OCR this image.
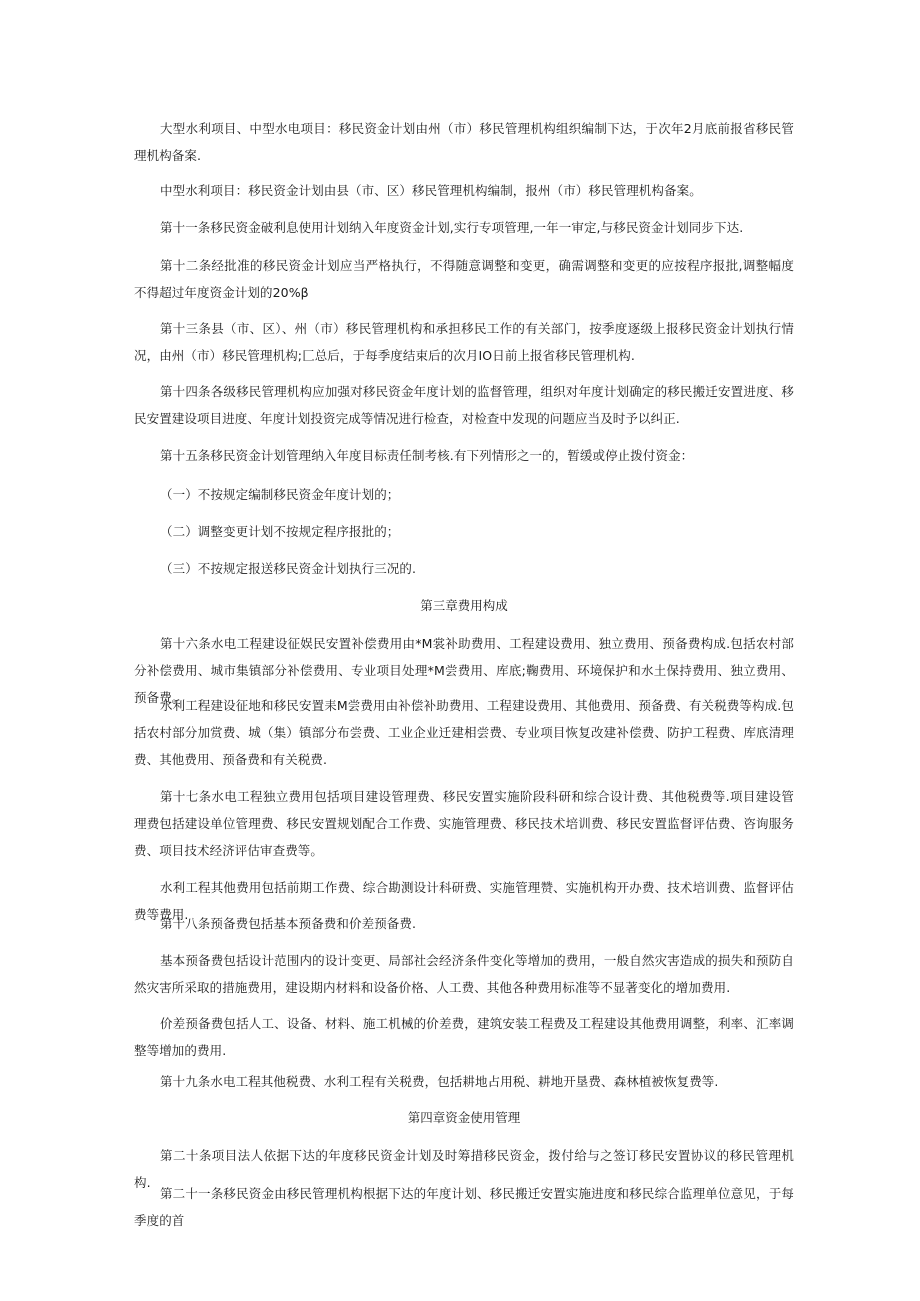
大型水利项目、中型水电项目：移民资金计划由州（市）移民管理机构组织编制下达，于次年2月底前报省移民管理机构备案.

中型水利项目：移民资金计划由县（市、区）移民管理机构编制，报州（市）移民管理机构备案。

第十一条移民资金破利息使用计划纳入年度资金计划,实行专项管理,一年一审定,与移民资金计划同步下达.

第十二条经批准的移民资金计划应当严格执行，不得随意调整和变更，确需调整和变更的应按程序报批,调整幅度不得超过年度资金计划的20%β

第十三条县（市、区）、州（市）移民管理机构和承担移民工作的有关部门，按季度逐级上报移民资金计划执行情况，由州（市）移民管理机构;匚总后，于每季度结束后的次月IO日前上报省移民管理机构.

第十四条各级移民管理机构应加强对移民资金年度计划的监督管理，组织对年度计划确定的移民搬迁安置进度、移民安置建设项目进度、年度计划投资完成等情况进行检查，对检查中发现的问题应当及时予以纠正.

第十五条移民资金计划管理纳入年度目标责任制考核.有下列情形之一的，暂缓或停止拨付资金：

（一）不按规定编制移民资金年度计划的；

（二）调整变更计划不按规定程序报批的；

（三）不按规定报送移民资金计划执行三况的.

第三章费用构成

第十六条水电工程建设征娱民安置补偿费用由*M裳补助费用、工程建设费用、独立费用、预备费构成.包括农村部分补偿费用、城市集镇部分补偿费用、专业项目处理*M尝费用、库底;鞠费用、环境保护和水土保持费用、独立费用、预备费。

水利工程建设征地和移民安置耒M尝费用由补偿补助费用、工程建设费用、其他费用、预备费、有关税费等构成.包括农村部分加赏费、城（集）镇部分布尝费、工业企业迁建相尝费、专业项目恢复改建补偿费、防护工程费、库底清理费、其他费用、预备费和有关税费.

第十七条水电工程独立费用包括项目建设管理费、移民安置实施阶段科研和综合设计费、其他税费等.项目建设管理费包括建设单位管理费、移民安置规划配合工作费、实施管理费、移民技术培训费、移民安置监督评估费、咨询服务费、项目技术经济评估审查费等。

水利工程其他费用包括前期工作费、综合勘测设计科研费、实施管理赞、实施机构开办费、技术培训费、监督评估费等费用.

第十八条预备费包括基本预备费和价差预备费.

基本预备费包括设计范围内的设计变更、局部社会经济条件变化等增加的费用，一般自然灾害造成的损失和预防自然灾害所采取的措施费用，建设期内材料和设备价格、人工费、其他各种费用标准等不显著变化的增加费用.

价差预备费包括人工、设备、材料、施工机械的价差费，建筑安装工程费及工程建设其他费用调整，利率、汇率调整等增加的费用.

第十九条水电工程其他税费、水利工程有关税费，包括耕地占用税、耕地开垦费、森林植被恢复费等.

第四章资金使用管理

第二十条项目法人依据下达的年度移民资金计划及时筹措移民资金，拨付给与之签订移民安置协议的移民管理机构.

第二十一条移民资金由移民管理机构根据下达的年度计划、移民搬迁安置实施进度和移民综合监理单位意见，于每季度的首
